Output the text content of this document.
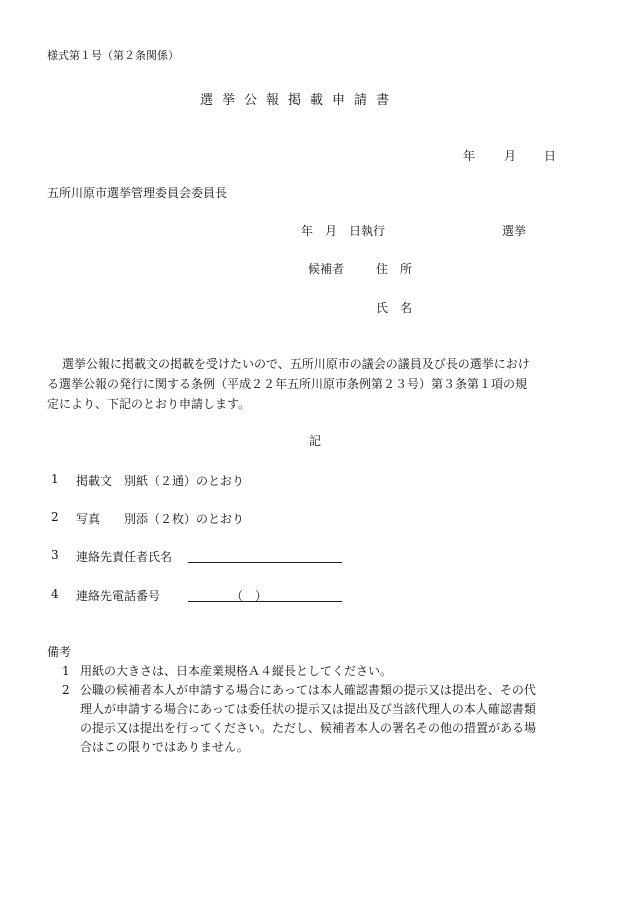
様式第１号（第２条関係）
選挙公報掲載申請書
年 月 日
五所川原市選挙管理委員会委員長
年　月　日執行	選挙
候補者	住　所
氏　名
選挙公報に掲載文の掲載を受けたいので、五所川原市の議会の議員及び長の選挙におけ
る選挙公報の発行に関する条例（平成２２年五所川原市条例第２３号）第３条第１項の規
定により、下記のとおり申請します。
記
1 掲載文　別紙（２通）のとおり
2 写真　　別添（２枚）のとおり
3 連絡先責任者氏名
4 連絡先電話番号	（　）
備考
1 用紙の大きさは、日本産業規格Ａ４縦長としてください。
2 公職の候補者本人が申請する場合にあっては本人確認書類の提示又は提出を、その代
理人が申請する場合にあっては委任状の提示又は提出及び当該代理人の本人確認書類
の提示又は提出を行ってください。ただし、候補者本人の署名その他の措置がある場
合はこの限りではありません。
